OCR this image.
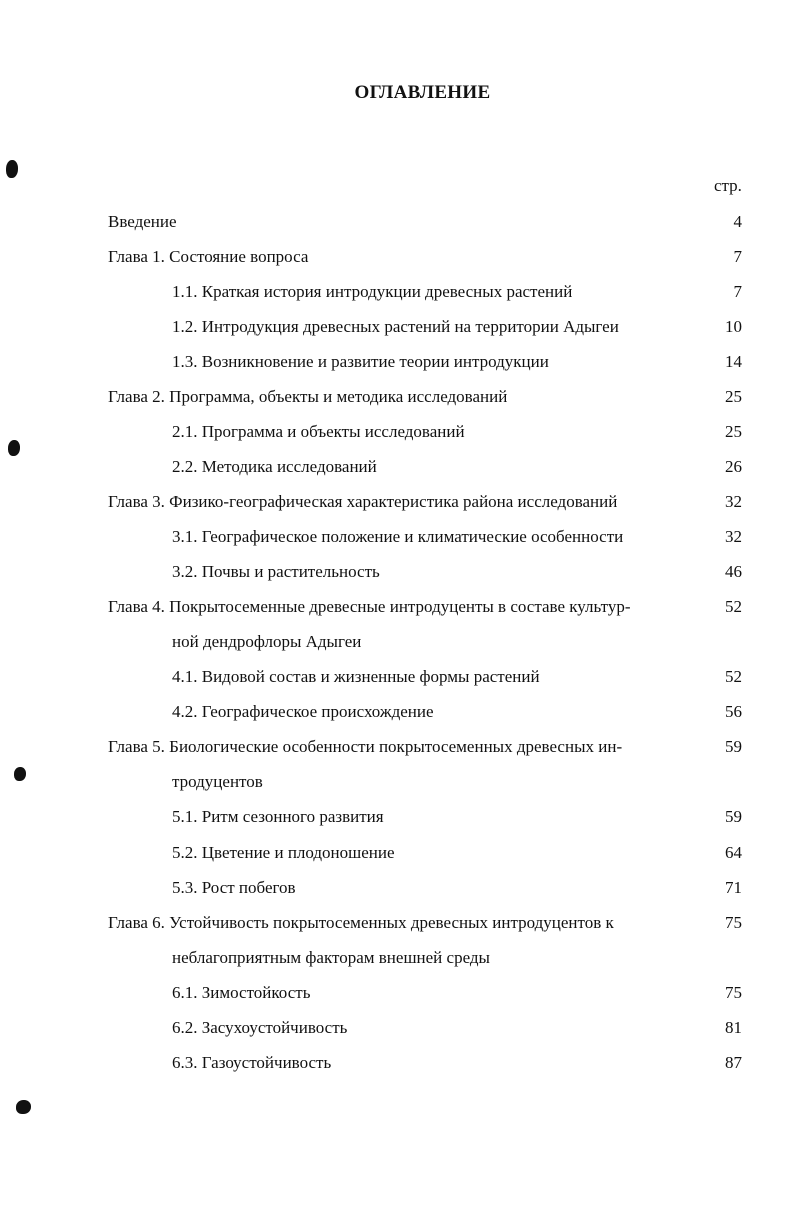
ОГЛАВЛЕНИЕ
стр.
Введение	4
Глава 1. Состояние вопроса	7
1.1. Краткая история интродукции древесных растений	7
1.2. Интродукция древесных растений на территории Адыгеи	10
1.3. Возникновение и развитие теории интродукции	14
Глава 2. Программа, объекты и методика исследований	25
2.1. Программа и объекты исследований	25
2.2. Методика исследований	26
Глава 3. Физико-географическая характеристика района исследований	32
3.1. Географическое положение и климатические особенности	32
3.2. Почвы и растительность	46
Глава 4. Покрытосеменные древесные интродуценты в составе культур-	52
ной дендрофлоры Адыгеи
4.1. Видовой состав и жизненные формы растений	52
4.2. Географическое происхождение	56
Глава 5. Биологические особенности покрытосеменных древесных ин-	59
тродуцентов
5.1. Ритм сезонного развития	59
5.2. Цветение и плодоношение	64
5.3. Рост побегов	71
Глава 6. Устойчивость покрытосеменных древесных интродуцентов к	75
неблагоприятным факторам внешней среды
6.1. Зимостойкость	75
6.2. Засухоустойчивость	81
6.3. Газоустойчивость	87
